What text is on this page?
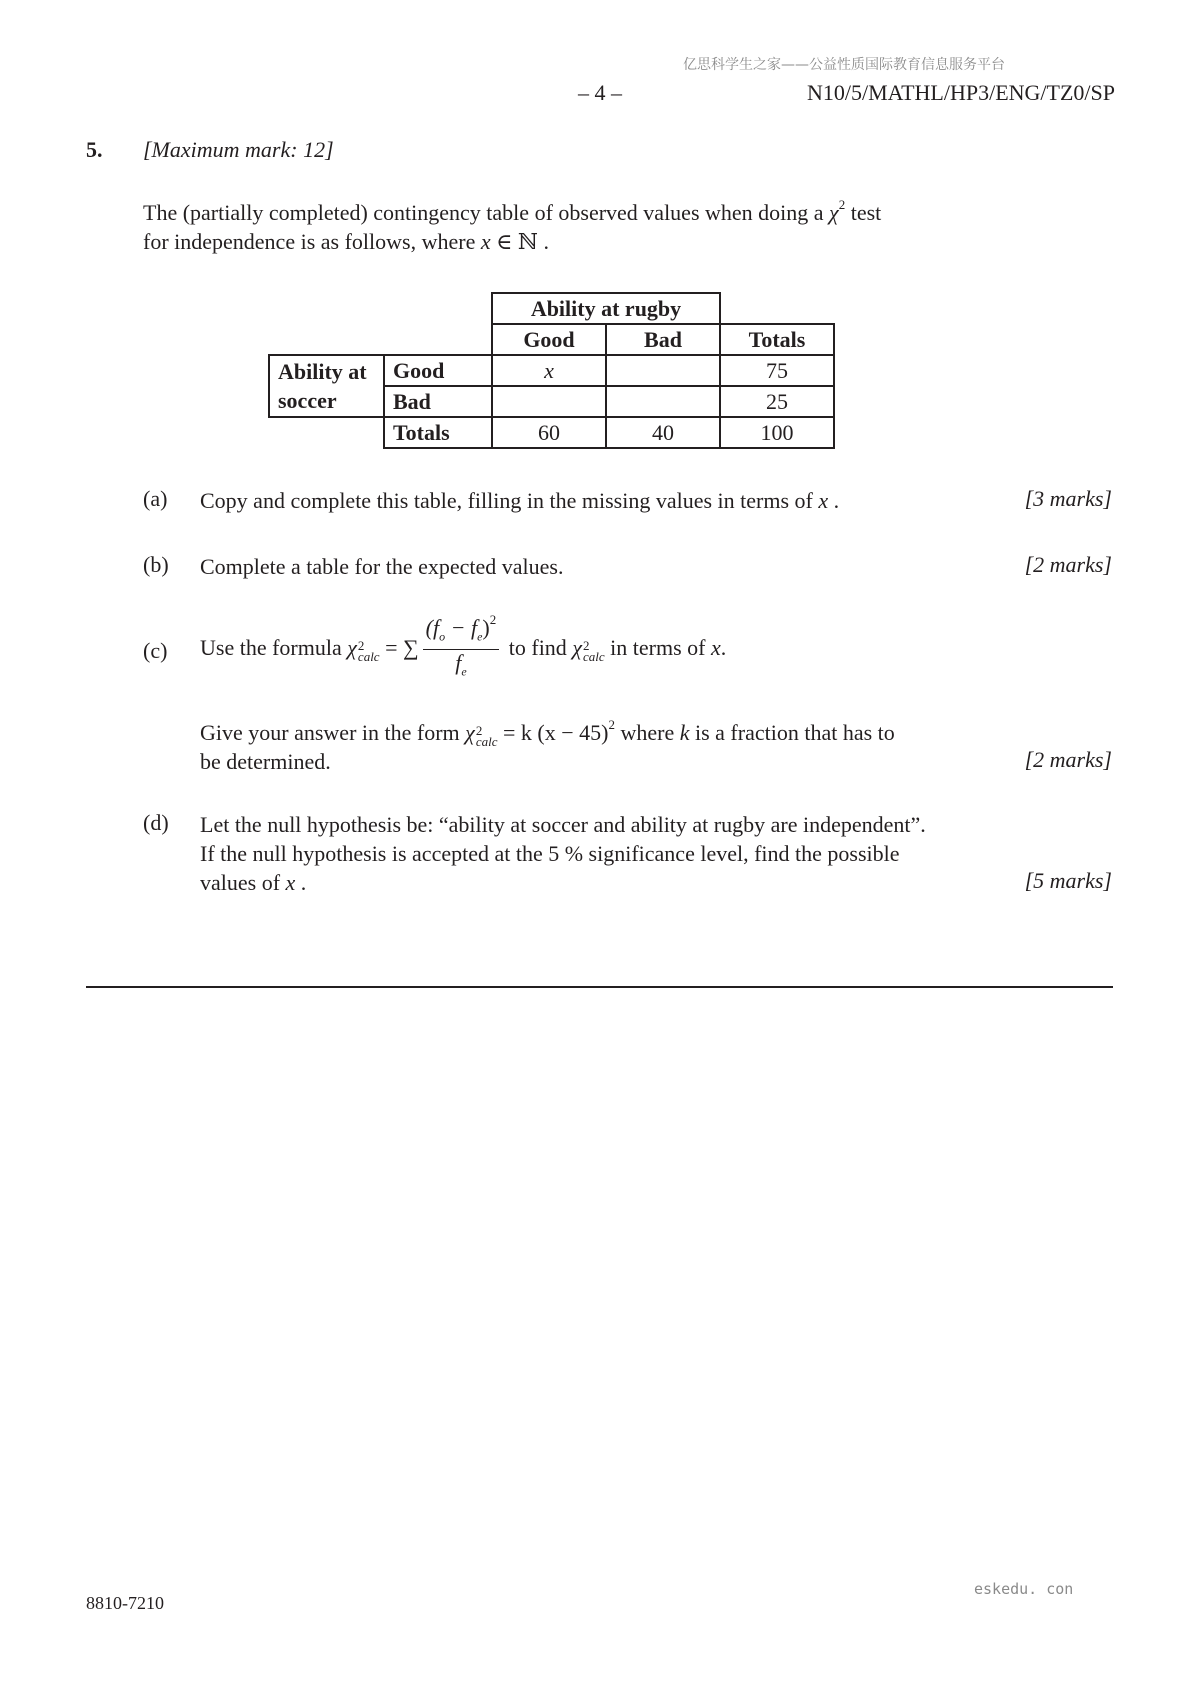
亿思科学生之家——公益性质国际教育信息服务平台
– 4 –	N10/5/MATHL/HP3/ENG/TZ0/SP
5. [Maximum mark: 12]
The (partially completed) contingency table of observed values when doing a $\chi^2$ test
for independence is as follows, where x ∈ ℕ .
		Ability at rugby		
		Good	Bad	Totals
Ability at
soccer	Good	x		75
	Bad			25
	Totals	60	40	100
(a) Copy and complete this table, filling in the missing values in terms of x .	[3 marks]
(b) Complete a table for the expected values.	[2 marks]
(c) Use the formula χ 2
calc = ∑ $\frac{(f_o - f_e)^2}{f_e}$ to find χ 2
calc in terms of x.
Give your answer in the form χ 2
calc = k $(x - 45)^2$ where k is a fraction that has to
be determined.	[2 marks]
(d) Let the null hypothesis be: “ability at soccer and ability at rugby are independent”.
If the null hypothesis is accepted at the 5 % significance level, find the possible
values of x .	[5 marks]
8810-7210
eskedu. con
